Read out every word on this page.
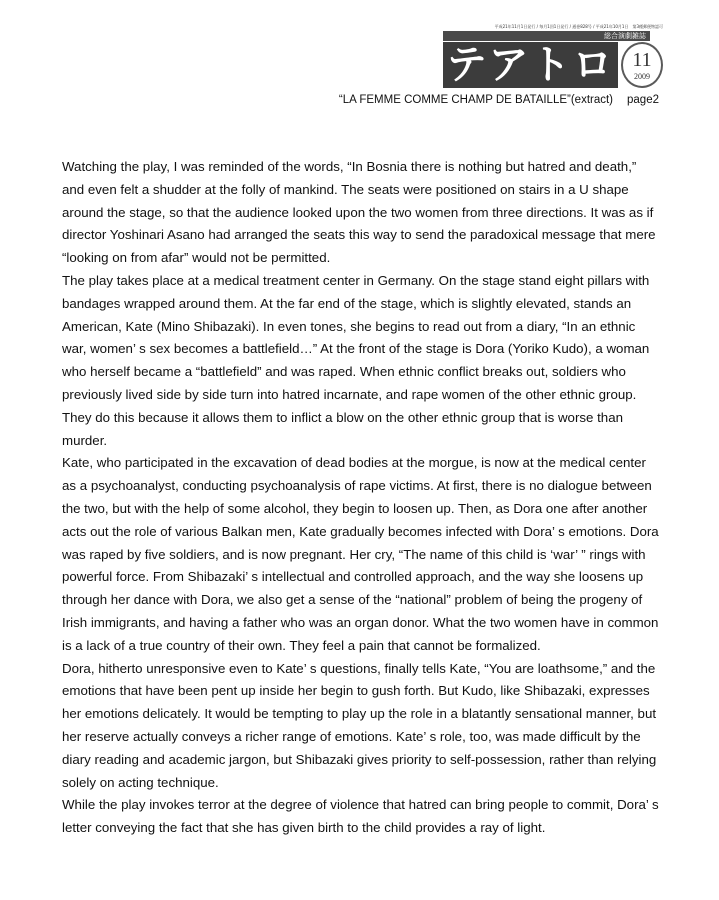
平成21年11月1日発行 / 毎月1回1日発行 / 通巻828号 / 平成21年10月1日　第3種郵便物認可
総合演劇雑誌
テアトロ 11
2009
“LA FEMME COMME CHAMP DE BATAILLE”(extract) page2

Watching the play, I was reminded of the words, “In Bosnia there is nothing but hatred and death,” and even felt a shudder at the folly of mankind. The seats were positioned on stairs in a U shape around the stage, so that the audience looked upon the two women from three directions. It was as if director Yoshinari Asano had arranged the seats this way to send the paradoxical message that mere “looking on from afar” would not be permitted.

The play takes place at a medical treatment center in Germany. On the stage stand eight pillars with bandages wrapped around them. At the far end of the stage, which is slightly elevated, stands an American, Kate (Mino Shibazaki). In even tones, she begins to read out from a diary, “In an ethnic war, women’ s sex becomes a battlefield…” At the front of the stage is Dora (Yoriko Kudo), a woman who herself became a “battlefield” and was raped. When ethnic conflict breaks out, soldiers who previously lived side by side turn into hatred incarnate, and rape women of the other ethnic group. They do this because it allows them to inflict a blow on the other ethnic group that is worse than murder.

Kate, who participated in the excavation of dead bodies at the morgue, is now at the medical center as a psychoanalyst, conducting psychoanalysis of rape victims. At first, there is no dialogue between the two, but with the help of some alcohol, they begin to loosen up. Then, as Dora one after another acts out the role of various Balkan men, Kate gradually becomes infected with Dora’ s emotions. Dora was raped by five soldiers, and is now pregnant. Her cry, “The name of this child is ‘war’ ” rings with powerful force. From Shibazaki’ s intellectual and controlled approach, and the way she loosens up through her dance with Dora, we also get a sense of the “national” problem of being the progeny of Irish immigrants, and having a father who was an organ donor. What the two women have in common is a lack of a true country of their own. They feel a pain that cannot be formalized.

Dora, hitherto unresponsive even to Kate’ s questions, finally tells Kate, “You are loathsome,” and the emotions that have been pent up inside her begin to gush forth. But Kudo, like Shibazaki, expresses her emotions delicately. It would be tempting to play up the role in a blatantly sensational manner, but her reserve actually conveys a richer range of emotions. Kate’ s role, too, was made difficult by the diary reading and academic jargon, but Shibazaki gives priority to self-possession, rather than relying solely on acting technique.

While the play invokes terror at the degree of violence that hatred can bring people to commit, Dora’ s letter conveying the fact that she has given birth to the child provides a ray of light.
